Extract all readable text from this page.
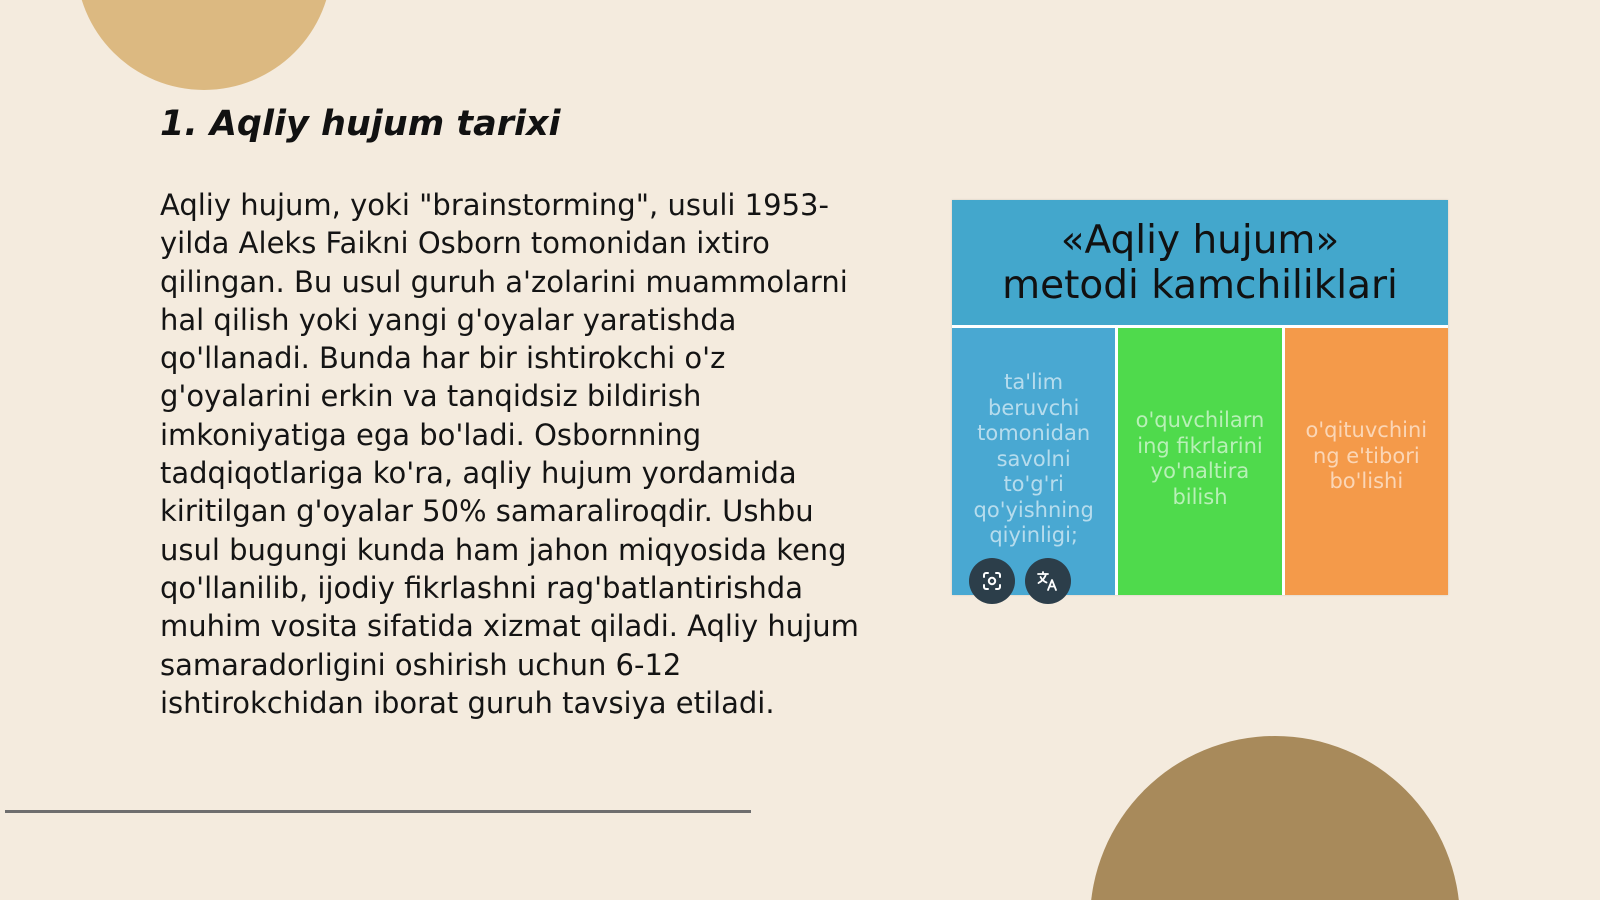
1. Aqliy hujum tarixi

Aqliy hujum, yoki "brainstorming", usuli 1953-yilda Aleks Faikni Osborn tomonidan ixtiro qilingan. Bu usul guruh a'zolarini muammolarni hal qilish yoki yangi g'oyalar yaratishda qo'llanadi. Bunda har bir ishtirokchi o'z g'oyalarini erkin va tanqidsiz bildirish imkoniyatiga ega bo'ladi. Osbornning tadqiqotlariga ko'ra, aqliy hujum yordamida kiritilgan g'oyalar 50% samaraliroqdir. Ushbu usul bugungi kunda ham jahon miqyosida keng qo'llanilib, ijodiy fikrlashni rag'batlantirishda muhim vosita sifatida xizmat qiladi. Aqliy hujum samaradorligini oshirish uchun 6-12 ishtirokchidan iborat guruh tavsiya etiladi.

«Aqliy hujum»
metodi kamchiliklari
ta'lim
beruvchi
tomonidan
savolni
to'g'ri
qo'yishning
qiyinligi;
o'quvchilarn
ing fikrlarini
yo'naltira
bilish
o'qituvchini
ng e'tibori
bo'lishi
